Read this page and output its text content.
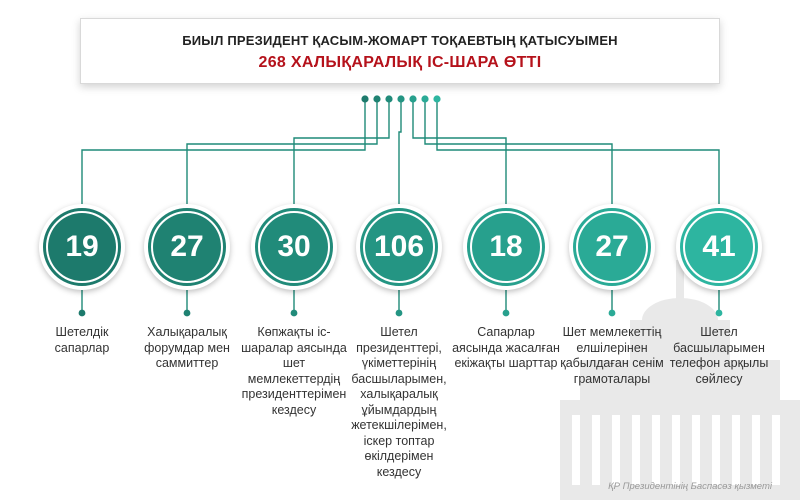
БИЫЛ ПРЕЗИДЕНТ ҚАСЫМ-ЖОМАРТ ТОҚАЕВТЫҢ ҚАТЫСУЫМЕН
268 ХАЛЫҚАРАЛЫҚ ІС-ШАРА ӨТТІ
19
Шетелдік сапарлар
27
Халықаралық форумдар мен саммиттер
30
Көпжақты іс-шаралар аясында шет мемлекеттердің президенттерімен кездесу
106
Шетел президенттері, үкіметтерінің басшыларымен, халықаралық ұйымдардың жетекшілерімен, іскер топтар өкілдерімен кездесу
18
Сапарлар аясында жасалған екіжақты шарттар
27
Шет мемлекеттің елшілерінен қабылдаған сенім грамоталары
41
Шетел басшыларымен телефон арқылы сөйлесу
ҚР Президентінің Баспасөз қызметі
